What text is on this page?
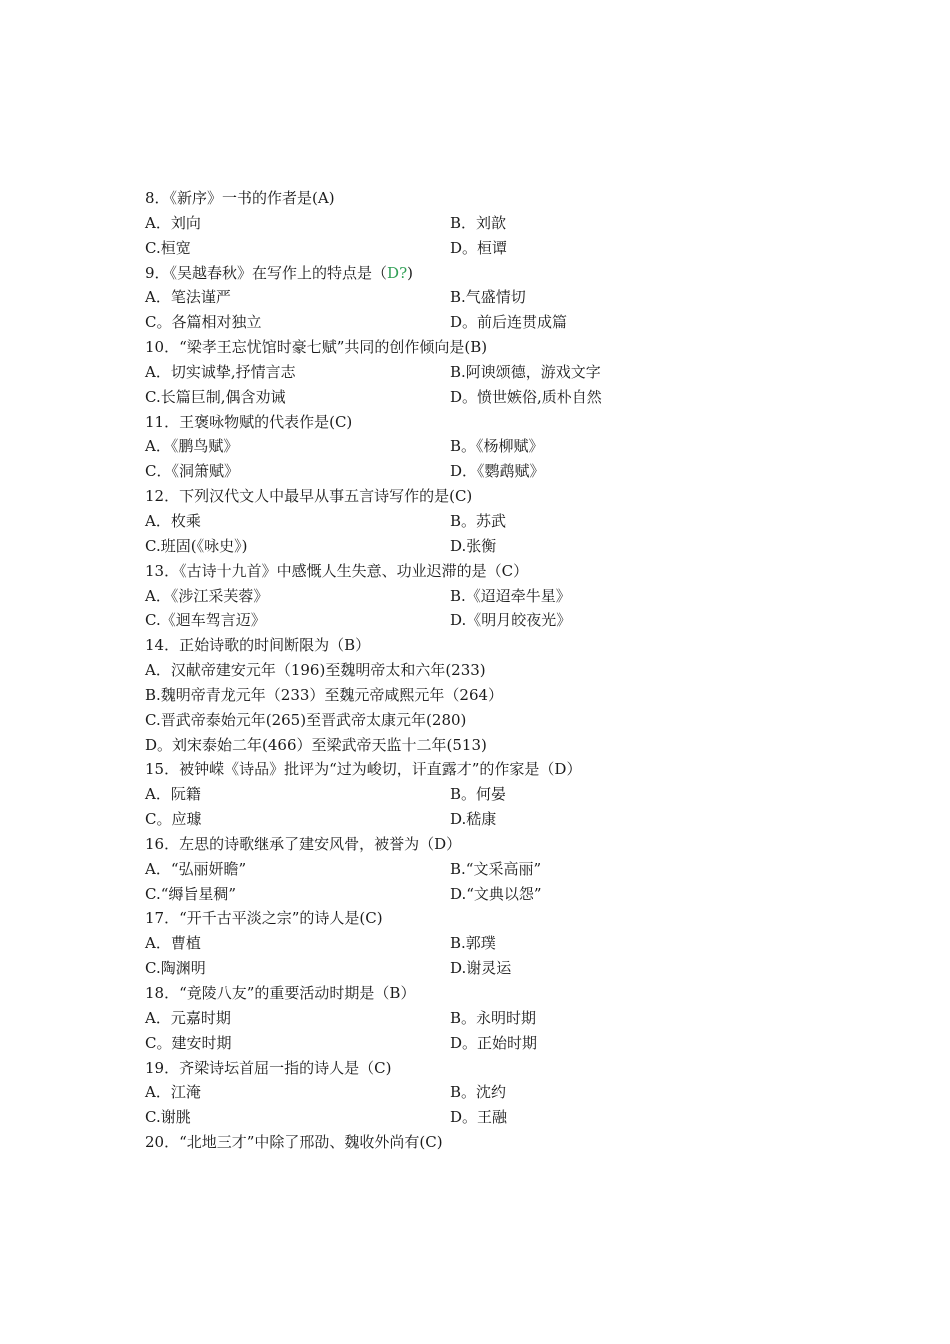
8．《新序》一书的作者是(A)
A．刘向	B．刘歆
C.桓宽	D。桓谭
9．《吴越春秋》在写作上的特点是（D?)
A．笔法谨严	B.气盛情切
C。各篇相对独立	D。前后连贯成篇
10．“梁孝王忘忧馆时豪七赋”共同的创作倾向是(B)
A．切实诚挚,抒情言志	B.阿谀颂德，游戏文字
C.长篇巨制,偶含劝诫	D。愤世嫉俗,质朴自然
11．王褒咏物赋的代表作是(C)
A．《鹏鸟赋》	B。《杨柳赋》
C．《洞箫赋》	D．《鹦鹉赋》
12．下列汉代文人中最早从事五言诗写作的是(C)
A．枚乘	B。苏武
C.班固(《咏史》)	D.张衡
13．《古诗十九首》中感慨人生失意、功业迟滞的是（C）
A．《涉江采芙蓉》	B.《迢迢牵牛星》
C.《迴车驾言迈》	D.《明月皎夜光》
14．正始诗歌的时间断限为（B）
A．汉献帝建安元年（196)至魏明帝太和六年(233)
B.魏明帝青龙元年（233）至魏元帝咸熙元年（264）
C.晋武帝泰始元年(265)至晋武帝太康元年(280)
D。刘宋泰始二年(466）至梁武帝天监十二年(513)
15．被钟嵘《诗品》批评为“过为峻切，讦直露才”的作家是（D）
A．阮籍	B。何晏
C。应璩	D.嵇康
16．左思的诗歌继承了建安风骨，被誉为（D）
A．“弘丽妍瞻”	B.“文采高丽”
C.“缛旨星稠”	D.“文典以怨”
17．“开千古平淡之宗”的诗人是(C)
A．曹植	B.郭璞
C.陶渊明	D.谢灵运
18．“竟陵八友”的重要活动时期是（B）
A．元嘉时期	B。永明时期
C。建安时期	D。正始时期
19．齐梁诗坛首屈一指的诗人是（C)
A．江淹	B。沈约
C.谢朓	D。王融
20．“北地三才”中除了邢劭、魏收外尚有(C)
